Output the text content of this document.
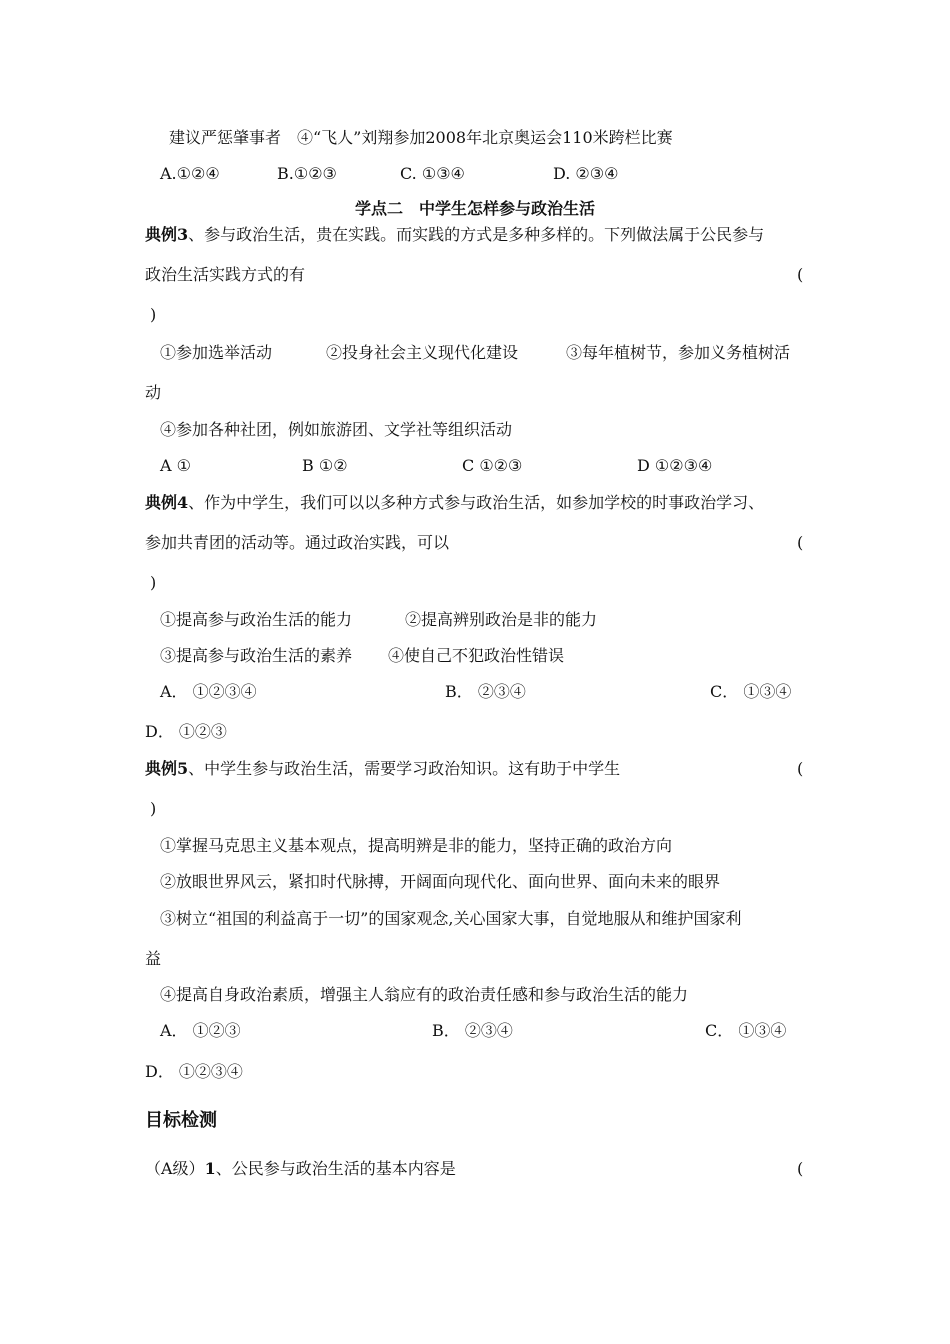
建议严惩肇事者　④“飞人”刘翔参加2008年北京奥运会110米跨栏比赛
A.①②④	B.①②③	C. ①③④	D. ②③④
学点二　中学生怎样参与政治生活
典例3、参与政治生活，贵在实践。而实践的方式是多种多样的。下列做法属于公民参与
政治生活实践方式的有	(
)
①参加选举活动	②投身社会主义现代化建设	③每年植树节，参加义务植树活
动
④参加各种社团，例如旅游团、文学社等组织活动
A ①	B ①②	C ①②③	D ①②③④
典例4、作为中学生，我们可以以多种方式参与政治生活，如参加学校的时事政治学习、
参加共青团的活动等。通过政治实践，可以	(
)
①提高参与政治生活的能力	②提高辨别政治是非的能力
③提高参与政治生活的素养 ④使自己不犯政治性错误
A． ①②③④	B． ②③④	C． ①③④
D． ①②③
典例5、中学生参与政治生活，需要学习政治知识。这有助于中学生	(
)
①掌握马克思主义基本观点，提高明辨是非的能力，坚持正确的政治方向
②放眼世界风云，紧扣时代脉搏，开阔面向现代化、面向世界、面向未来的眼界
③树立“祖国的利益高于一切”的国家观念,关心国家大事，自觉地服从和维护国家利
益
④提高自身政治素质，增强主人翁应有的政治责任感和参与政治生活的能力
A． ①②③	B． ②③④	C． ①③④
D． ①②③④
目标检测
（A级）1、公民参与政治生活的基本内容是	(
